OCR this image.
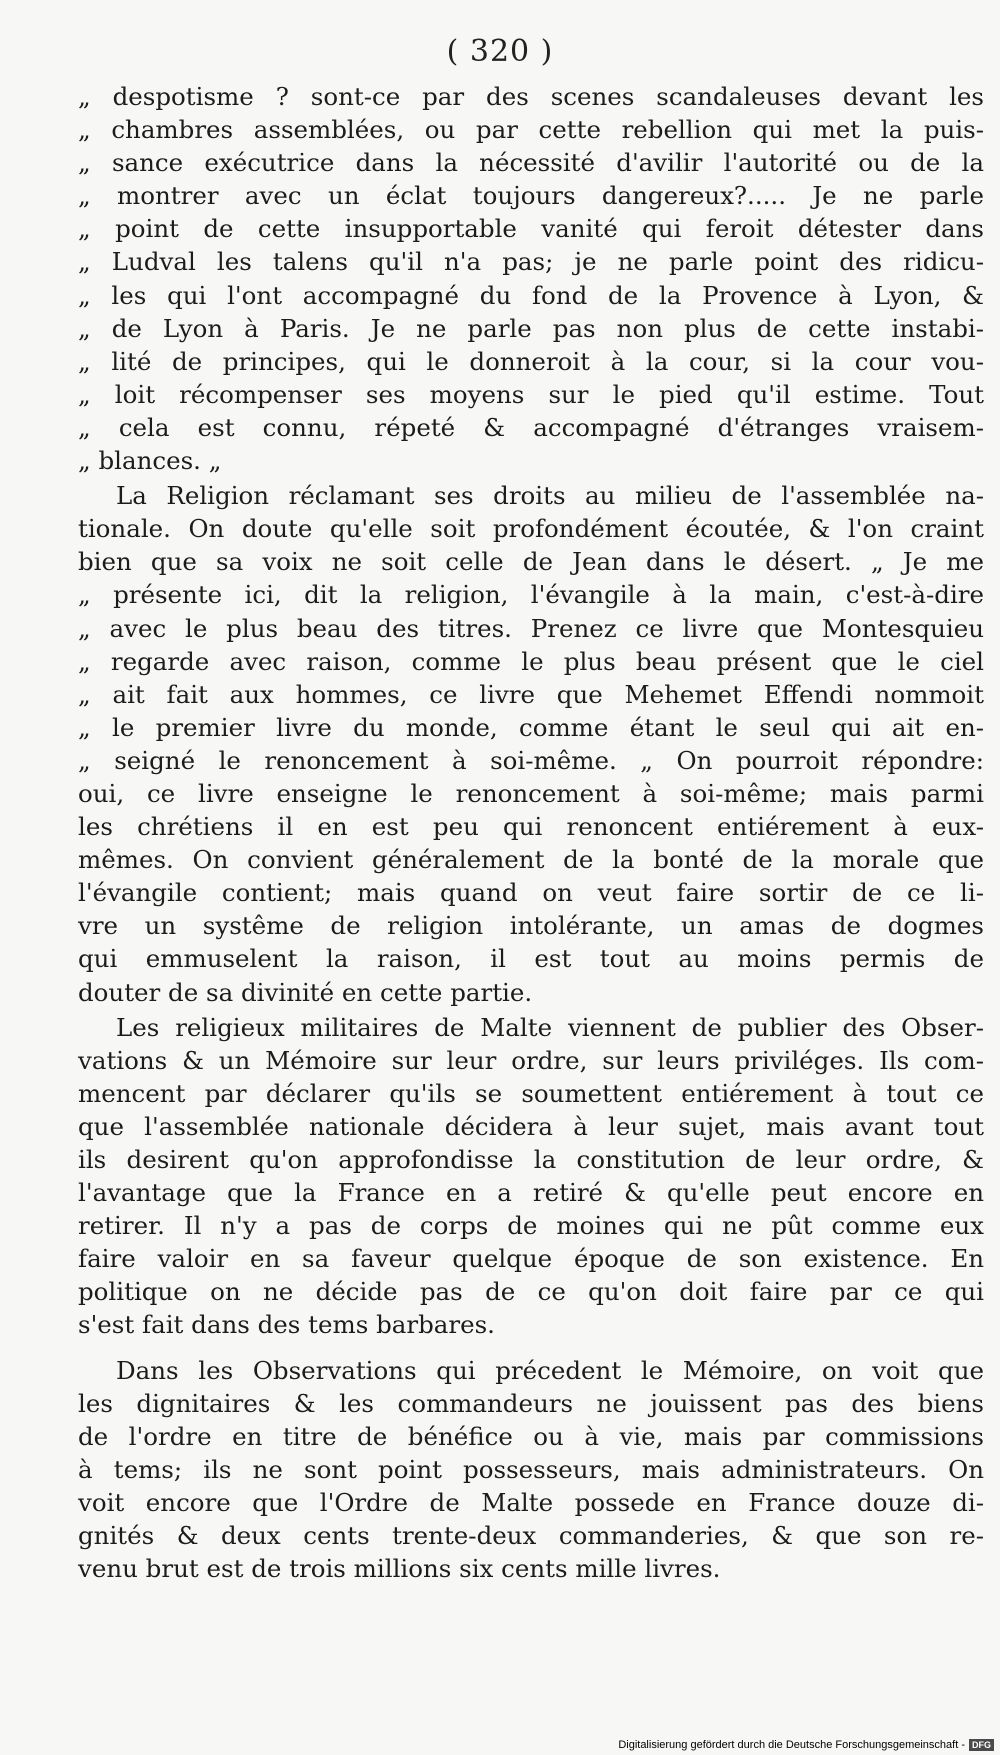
( 320 )
„ despotisme ? sont-ce par des scenes scandaleuses devant les
„ chambres assemblées, ou par cette rebellion qui met la puis-
„ sance exécutrice dans la nécessité d'avilir l'autorité ou de la
„ montrer avec un éclat toujours dangereux?..... Je ne parle
„ point de cette insupportable vanité qui feroit détester dans
„ Ludval les talens qu'il n'a pas; je ne parle point des ridicu-
„ les qui l'ont accompagné du fond de la Provence à Lyon, &
„ de Lyon à Paris. Je ne parle pas non plus de cette instabi-
„ lité de principes, qui le donneroit à la cour, si la cour vou-
„ loit récompenser ses moyens sur le pied qu'il estime. Tout
„ cela est connu, répeté & accompagné d'étranges vraisem-
„ blances. „
La Religion réclamant ses droits au milieu de l'assemblée na-
tionale. On doute qu'elle soit profondément écoutée, & l'on craint
bien que sa voix ne soit celle de Jean dans le désert. „ Je me
„ présente ici, dit la religion, l'évangile à la main, c'est-à-dire
„ avec le plus beau des titres. Prenez ce livre que Montesquieu
„ regarde avec raison, comme le plus beau présent que le ciel
„ ait fait aux hommes, ce livre que Mehemet Effendi nommoit
„ le premier livre du monde, comme étant le seul qui ait en-
„ seigné le renoncement à soi-même. „ On pourroit répondre:
oui, ce livre enseigne le renoncement à soi-même; mais parmi
les chrétiens il en est peu qui renoncent entiérement à eux-
mêmes. On convient généralement de la bonté de la morale que
l'évangile contient; mais quand on veut faire sortir de ce li-
vre un systême de religion intolérante, un amas de dogmes
qui emmuselent la raison, il est tout au moins permis de
douter de sa divinité en cette partie.
Les religieux militaires de Malte viennent de publier des Obser-
vations & un Mémoire sur leur ordre, sur leurs priviléges. Ils com-
mencent par déclarer qu'ils se soumettent entiérement à tout ce
que l'assemblée nationale décidera à leur sujet, mais avant tout
ils desirent qu'on approfondisse la constitution de leur ordre, &
l'avantage que la France en a retiré & qu'elle peut encore en
retirer. Il n'y a pas de corps de moines qui ne pût comme eux
faire valoir en sa faveur quelque époque de son existence. En
politique on ne décide pas de ce qu'on doit faire par ce qui
s'est fait dans des tems barbares.
Dans les Observations qui précedent le Mémoire, on voit que
les dignitaires & les commandeurs ne jouissent pas des biens
de l'ordre en titre de bénéfice ou à vie, mais par commissions
à tems; ils ne sont point possesseurs, mais administrateurs. On
voit encore que l'Ordre de Malte possede en France douze di-
gnités & deux cents trente-deux commanderies, & que son re-
venu brut est de trois millions six cents mille livres.
Digitalisierung gefördert durch die Deutsche Forschungsgemeinschaft - DFG
